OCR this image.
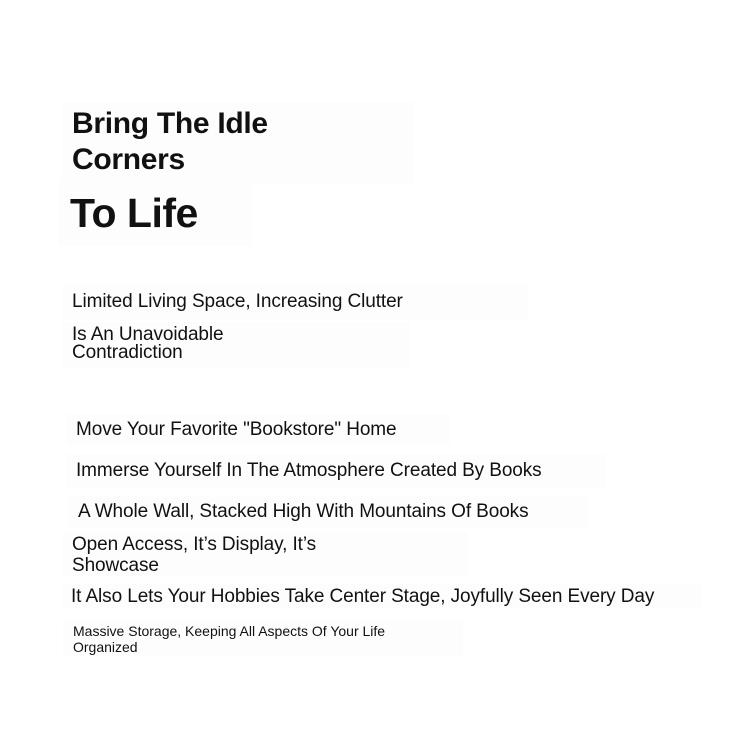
Bring The Idle
Corners
To Life
Limited Living Space, Increasing Clutter
Is An Unavoidable
Contradiction
Move Your Favorite "Bookstore" Home
Immerse Yourself In The Atmosphere Created By Books
A Whole Wall, Stacked High With Mountains Of Books
Open Access, It’s Display, It’s
Showcase
It Also Lets Your Hobbies Take Center Stage, Joyfully Seen Every Day
Massive Storage, Keeping All Aspects Of Your Life
Organized
